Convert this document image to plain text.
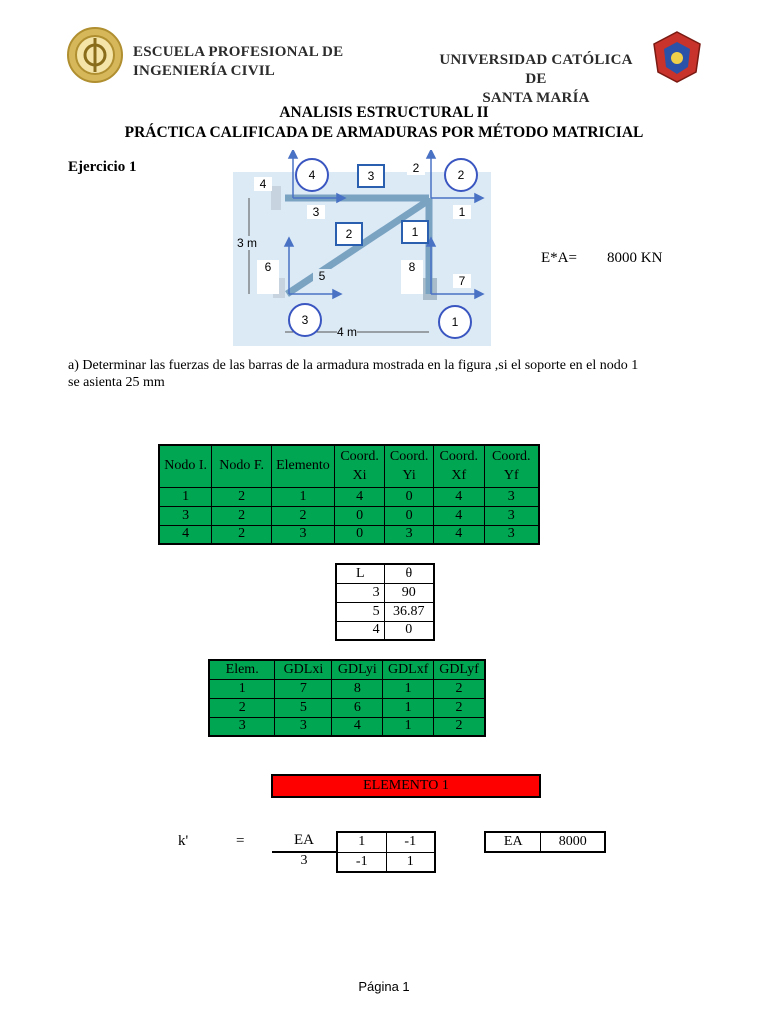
ESCUELA PROFESIONAL DE
INGENIERÍA CIVIL
UNIVERSIDAD CATÓLICA DE
SANTA MARÍA
ANALISIS ESTRUCTURAL II
PRÁCTICA CALIFICADA DE ARMADURAS POR MÉTODO MATRICIAL
Ejercicio 1
3 m
4 m
4	2
3	1
3
2	1
4
3
2
1
6
5
8
7
E*A= 8000 KN
a) Determinar las fuerzas de las barras de la armadura mostrada en la figura ,si el soporte en el nodo 1
se asienta 25 mm
Nodo I.	Nodo F.	Elemento	Coord. Xi	Coord. Yi	Coord. Xf	Coord. Yf
1	2	1	4	0	4	3
3	2	2	0	0	4	3
4	2	3	0	3	4	3
L	θ
3	90
5	36.87
4	0
Elem.	GDLxi	GDLyi	GDLxf	GDLyf
1	7	8	1	2
2	5	6	1	2
3	3	4	1	2
ELEMENTO 1
k'	=	EA
3
1	-1
-1	1
EA	8000
Página 1
